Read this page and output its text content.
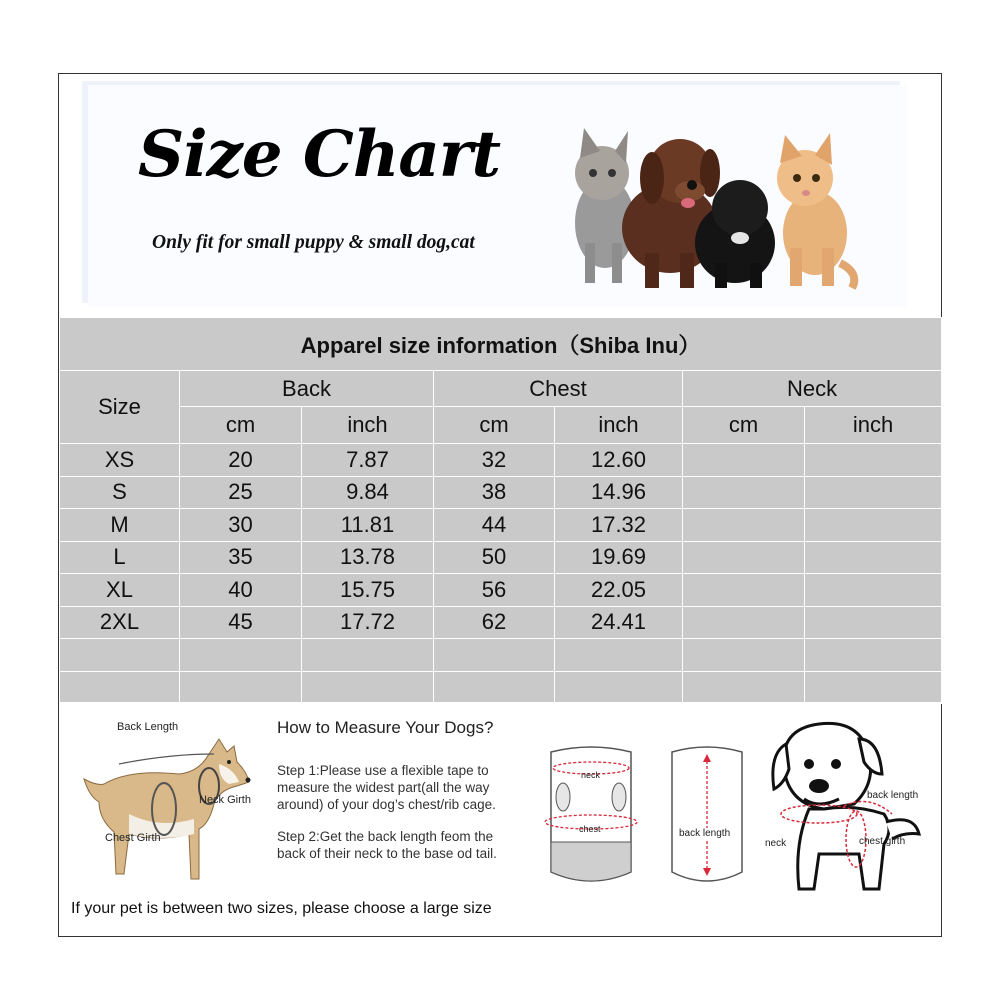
Size Chart
Only fit for small puppy & small dog,cat
Apparel size information（Shiba Inu）						
Size	Back		Chest		Neck	
	cm	inch	cm	inch	cm	inch
XS	20	7.87	32	12.60		
S	25	9.84	38	14.96		
M	30	11.81	44	17.32		
L	35	13.78	50	19.69		
XL	40	15.75	56	22.05		
2XL	45	17.72	62	24.41		

Back Length
Neck Girth
Chest Girth
How to Measure Your Dogs?
Step 1:Please use a flexible tape to measure the widest part(all the way around) of your dog’s chest/rib cage.
Step 2:Get the back length feom the back of their neck to the base od tail.
neck
chest	back length
back length
neck	chest girth
If your pet is between two sizes, please choose a large size
